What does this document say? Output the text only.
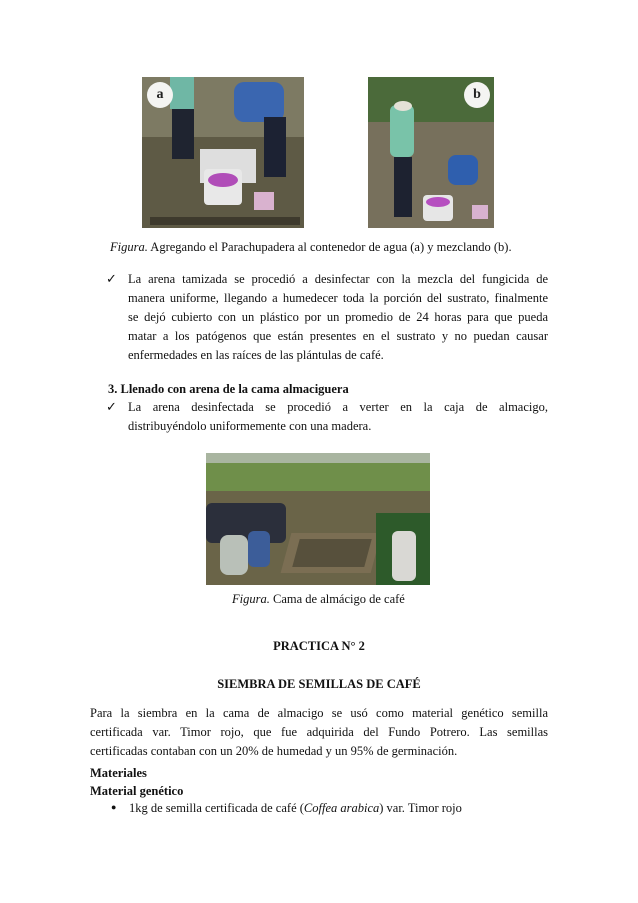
a	b
Figura. Agregando el Parachupadera al contenedor de agua (a) y mezclando (b).
✓ La arena tamizada se procedió a desinfectar con la mezcla del fungicida de
manera uniforme, llegando a humedecer toda la porción del sustrato, finalmente
se dejó cubierto con un plástico por un promedio de 24 horas para que pueda
matar a los patógenos que están presentes en el sustrato y no puedan causar
enfermedades en las raíces de las plántulas de café.
3. Llenado con arena de la cama almaciguera
✓ La arena desinfectada se procedió a verter en la caja de almacigo,
distribuyéndolo uniformemente con una madera.
Figura. Cama de almácigo de café
PRACTICA N° 2
SIEMBRA DE SEMILLAS DE CAFÉ
Para la siembra en la cama de almacigo se usó como material genético semilla
certificada var. Timor rojo, que fue adquirida del Fundo Potrero. Las semillas
certificadas contaban con un 20% de humedad y un 95% de germinación.
Materiales
Material genético
● 1kg de semilla certificada de café (Coffea arabica) var. Timor rojo
